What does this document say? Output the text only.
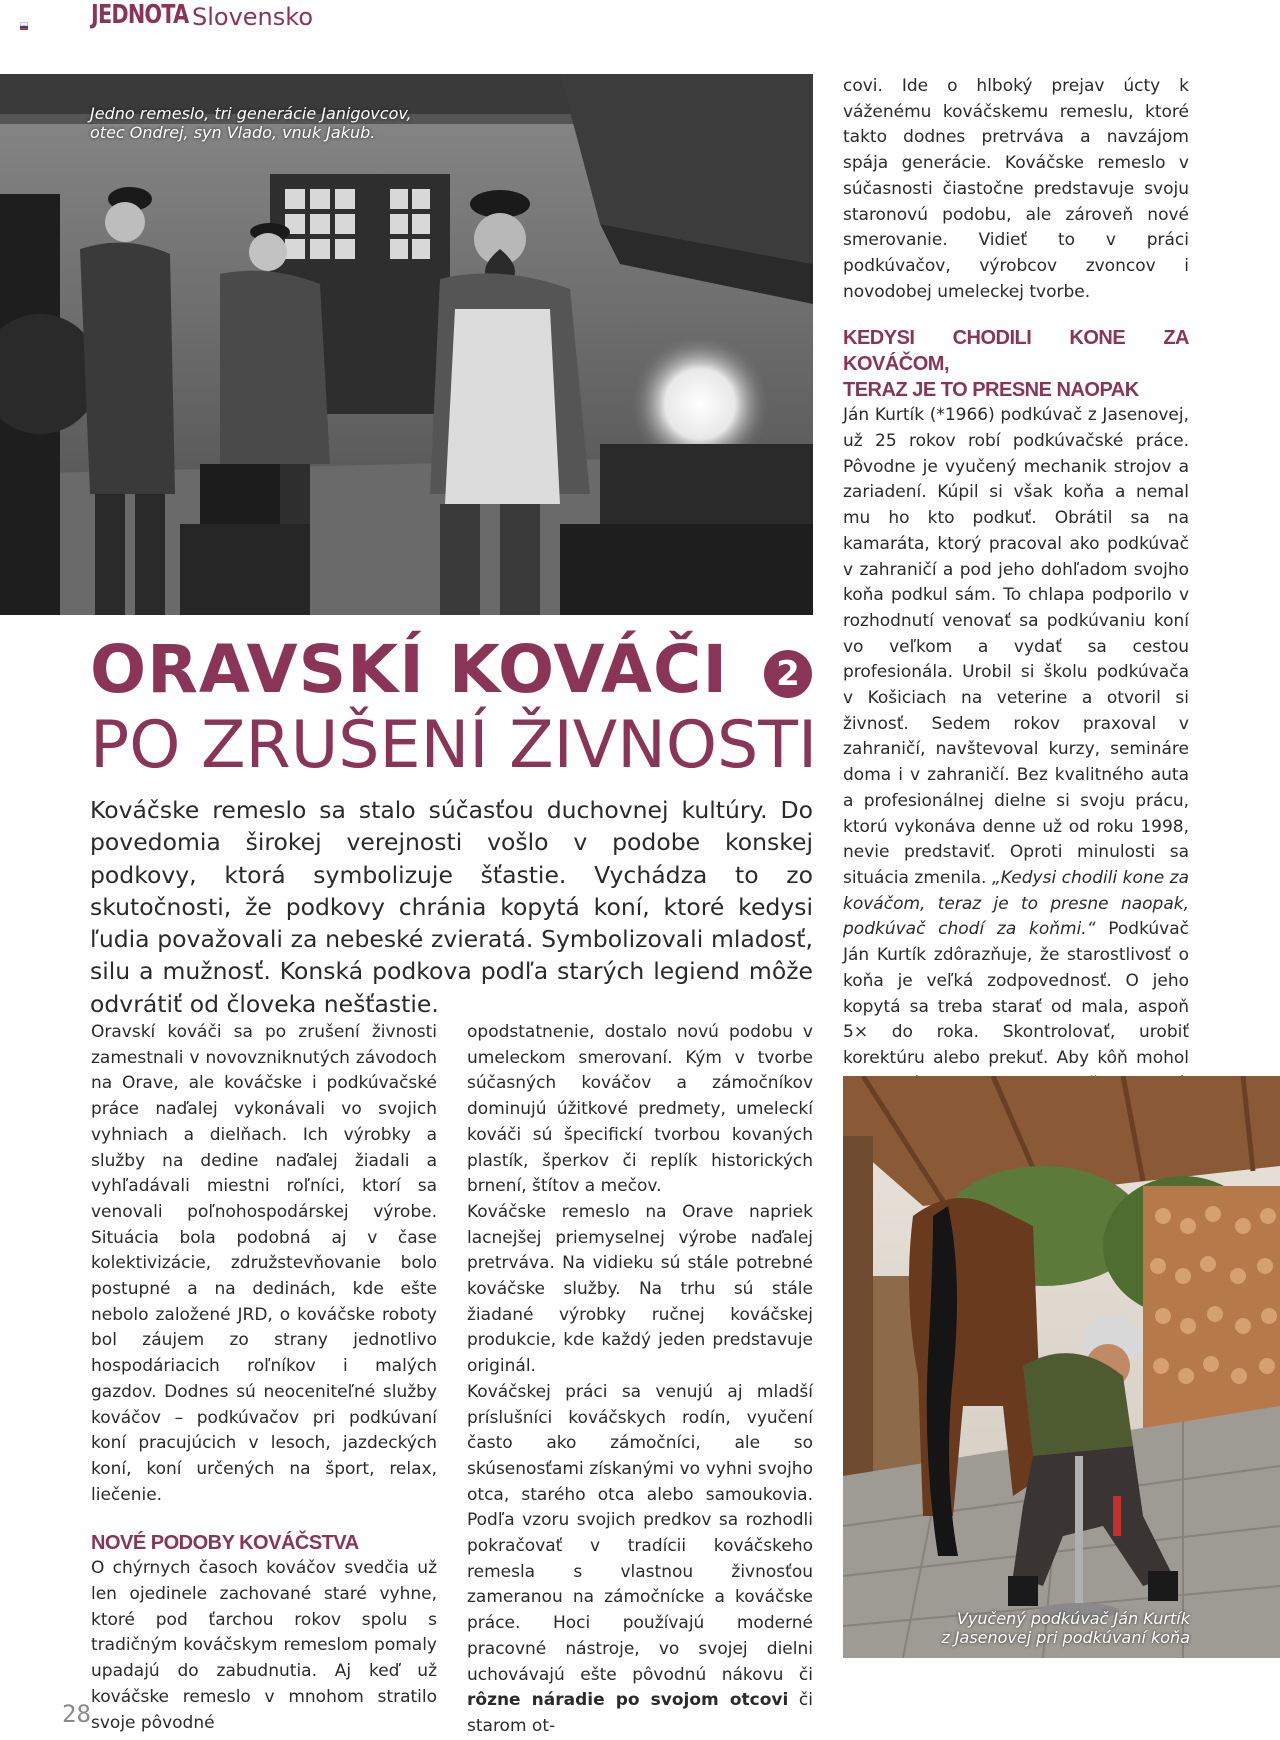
JEDNOTA Slovensko
Jedno remeslo, tri generácie Janigovcov,
otec Ondrej, syn Vlado, vnuk Jakub.
ORAVSKÍ KOVÁČI	2
PO ZRUŠENÍ ŽIVNOSTI
Kováčske remeslo sa stalo súčasťou duchovnej kultúry. Do povedomia širokej verejnosti vošlo v podobe konskej podkovy, ktorá symbolizuje šťastie. Vychádza to zo skutočnosti, že podkovy chránia kopytá koní, ktoré kedysi ľudia považovali za nebeské zvieratá. Symbolizovali mladosť, silu a mužnosť. Konská podkova podľa starých legiend môže odvrátiť od človeka nešťastie.

Oravskí kováči sa po zrušení živnosti zamestnali v novovzniknutých závodoch na Orave, ale kováčske i podkúvačské práce naďalej vykonávali vo svojich vyhniach a dielňach. Ich výrobky a služby na dedine naďalej žiadali a vyhľadávali miestni roľníci, ktorí sa venovali poľnohospodárskej výrobe. Situácia bola podobná aj v čase kolektivizácie, združstevňovanie bolo postupné a na dedinách, kde ešte nebolo založené JRD, o kováčske roboty bol záujem zo strany jednotlivo hospodáriacich roľníkov i malých gazdov. Dodnes sú neoceniteľné služby kováčov – podkúvačov pri podkúvaní koní pracujúcich v lesoch, jazdeckých koní, koní určených na šport, relax, liečenie.

NOVÉ PODOBY KOVÁČSTVA

O chýrnych časoch kováčov svedčia už len ojedinele zachované staré vyhne, ktoré pod ťarchou rokov spolu s tradičným kováčskym remeslom pomaly upadajú do zabudnutia. Aj keď už kováčske remeslo v mnohom stratilo svoje pôvodné

opodstatnenie, dostalo novú podobu v umeleckom smerovaní. Kým v tvorbe súčasných kováčov a zámočníkov dominujú úžitkové predmety, umeleckí kováči sú špecifickí tvorbou kovaných plastík, šperkov či replík historických brnení, štítov a mečov.

Kováčske remeslo na Orave napriek lacnejšej priemyselnej výrobe naďalej pretrváva. Na vidieku sú stále potrebné kováčske služby. Na trhu sú stále žiadané výrobky ručnej kováčskej produkcie, kde každý jeden predstavuje originál.

Kováčskej práci sa venujú aj mladší príslušníci kováčskych rodín, vyučení často ako zámočníci, ale so skúsenosťami získanými vo vyhni svojho otca, starého otca alebo samoukovia. Podľa vzoru svojich predkov sa rozhodli pokračovať v tradícii kováčskeho remesla s vlastnou živnosťou zameranou na zámočnícke a kováčske práce. Hoci používajú moderné pracovné nástroje, vo svojej dielni uchovávajú ešte pôvodnú nákovu či rôzne náradie po svojom otcovi či starom ot-

covi. Ide o hlboký prejav úcty k váženému kováčskemu remeslu, ktoré takto dodnes pretrváva a navzájom spája generácie. Kováčske remeslo v súčasnosti čiastočne predstavuje svoju staronovú podobu, ale zároveň nové smerovanie. Vidieť to v práci podkúvačov, výrobcov zvoncov i novodobej umeleckej tvorbe.

KEDYSI CHODILI KONE ZA KOVÁČOM,
TERAZ JE TO PRESNE NAOPAK

Ján Kurtík (*1966) podkúvač z Jasenovej, už 25 rokov robí podkúvačské práce. Pôvodne je vyučený mechanik strojov a zariadení. Kúpil si však koňa a nemal mu ho kto podkuť. Obrátil sa na kamaráta, ktorý pracoval ako podkúvač v zahraničí a pod jeho dohľadom svojho koňa podkul sám. To chlapa podporilo v rozhodnutí venovať sa podkúvaniu koní vo veľkom a vydať sa cestou profesionála. Urobil si školu podkúvača v Košiciach na veterine a otvoril si živnosť. Sedem rokov praxoval v zahraničí, navštevoval kurzy, semináre doma i v zahraničí. Bez kvalitného auta a profesionálnej dielne si svoju prácu, ktorú vykonáva denne už od roku 1998, nevie predstaviť. Oproti minulosti sa situácia zmenila. „Kedysi chodili kone za kováčom, teraz je to presne naopak, podkúvač chodí za koňmi.“ Podkúvač Ján Kurtík zdôrazňuje, že starostlivosť o koňa je veľká zodpovednosť. O jeho kopytá sa treba starať od mala, aspoň 5× do roka. Skontrolovať, urobiť korektúru alebo prekuť. Aby kôň mohol

Vyučený podkúvač Ján Kurtík
z Jasenovej pri podkúvaní koňa
28
